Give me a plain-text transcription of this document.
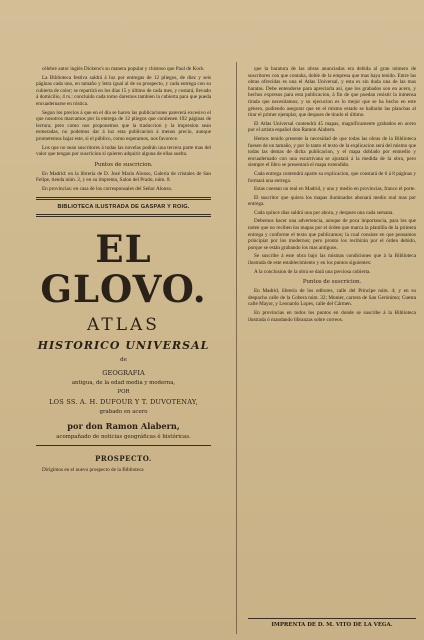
célebre autor inglés Dickens's su manera popular y chistoso que Paul de Kock

La Biblioteca festiva saldrá á luz por entregas de 12 pliegos, de diez y seis páginas cada uno, en tamaño y letra igual al de su prospecto, y cada entrega con su cubierta de color; se repartirá en los días 15 y último de cada mes, y costará, llevado á domicilio, 4 rs.: concluido cada tomo daremos tambien la cubierta para que pueda encuadernarse en rústica.

Segun los precios á que en el dia se hacen las publicaciones parecerá excesivo el que nosotros marcamos por la entrega de 12 pliegos que contienen 192 páginas de lectura; pero como nos proponemos que la traduccion y la impresion sean esmeradas, no podemos dar á luz esta publicacion á menos precio, aunque prometemos bajar este, si el público, como esperamos, nos favorece.

Los que no sean suscritores á todas las novelas podrán una tercera parte mas del valor que tengan por suscricion si quieren adquirir alguna de ellas suelta.

Puntos de suscricion.

En Madrid: en la librería de D. José María Alonso, Galería de cristales de San Felipe, tienda núm. 2, y en su imprenta, Salon del Prado, núm. 8.

En provincias: en casa de los corresponsales del Señor Alonso.

BIBLIOTECA ILUSTRADA DE GASPAR Y ROIG.
EL GLOVO.
ATLAS
HISTORICO UNIVERSAL
de
GEOGRAFIA
antigua, de la edad media y moderna,
POR
LOS SS. A. H. DUFOUR Y T. DUVOTENAY,
grabado en acero
por don Ramon Alabern,
acompañado de noticias geográficas é históricas.
PROSPECTO.

Dirigimos en el nuevo prospecto de la Biblioteca

que la baratura de las obras anunciadas era debida al gran número de suscritores con que contaba, doble de la empresa que mas haya tenido. Entre las obras ofrecidas es una el Atlas Universal, y esta es sin duda una de las mas baratas. Debe entenderse para apreciarla así, que los grabados son en acero, y hechos expresos para esta publicacion, á fin de que puedan resistir la inmensa tirada que necesitamos; y su ejecucion es lo mejor que se ha hecho en este género, pudiendo asegurar que en el mismo estado se hallarán las planchas al tirar el primer ejemplar, que despues de tirado el último.

El Atlas Universal contendrá 45 mapas, magníficamente grabados en acero por el artista español don Ramon Alabern.

Hemos tenido presente la necesidad de que todas las obras de la Biblioteca fuesen de un tamaño, y por lo tanto el texto de la explicacion será del mismo que todas las demas de dicha publicacion, y el mapa doblado por enmedio y encuadernado con una escartivana se ajustará á la medida de la obra, pero siempre el libro se presentará el mapa extendido.

Cada entrega contendrá aparte su explicacion, que constará de 6 á 8 páginas y formará una entrega.

Estas cuestan un real en Madrid, y uno y medio en provincias, franco el porte.

El suscritor que quiera los mapas iluminados abonará medio real mas por entrega.

Cada quince dias saldrá una por ahora, y despues una cada semana.

Debemos hacer una advertencia, aunque de poca importancia, para los que noten que no reciben los mapas por el órden que marca la plantilla de la primera entrega y conforme el texto que publicamos; la cual consiste en que pensamos principiar por los modernos; pero pronto los recibirán por el órden debido, porque se están grabando los mas antiguos.

Se suscribe á este obra bajo las mismas condiciones que á la Biblioteca ilustrada de este establecimiento y en los puntos siguientes:

A la conclusion de la obra se dará una preciosa cubierta.

Puntos de suscricion.

En Madrid, librería de los editores, calle del Príncipe núm. 4; y en su despacho calle de la Cobera núm. 32; Monier, carrera de San Gerónimo; Cuesta calle Mayor, y Leonardo Lopes, calle del Cármen.

En provincias en todos los puntos en donde se suscribe á la Biblioteca ilustrada ó mandando libranzas sobre correos.

IMPRENTA DE D. M. VITO DE LA VEGA.
